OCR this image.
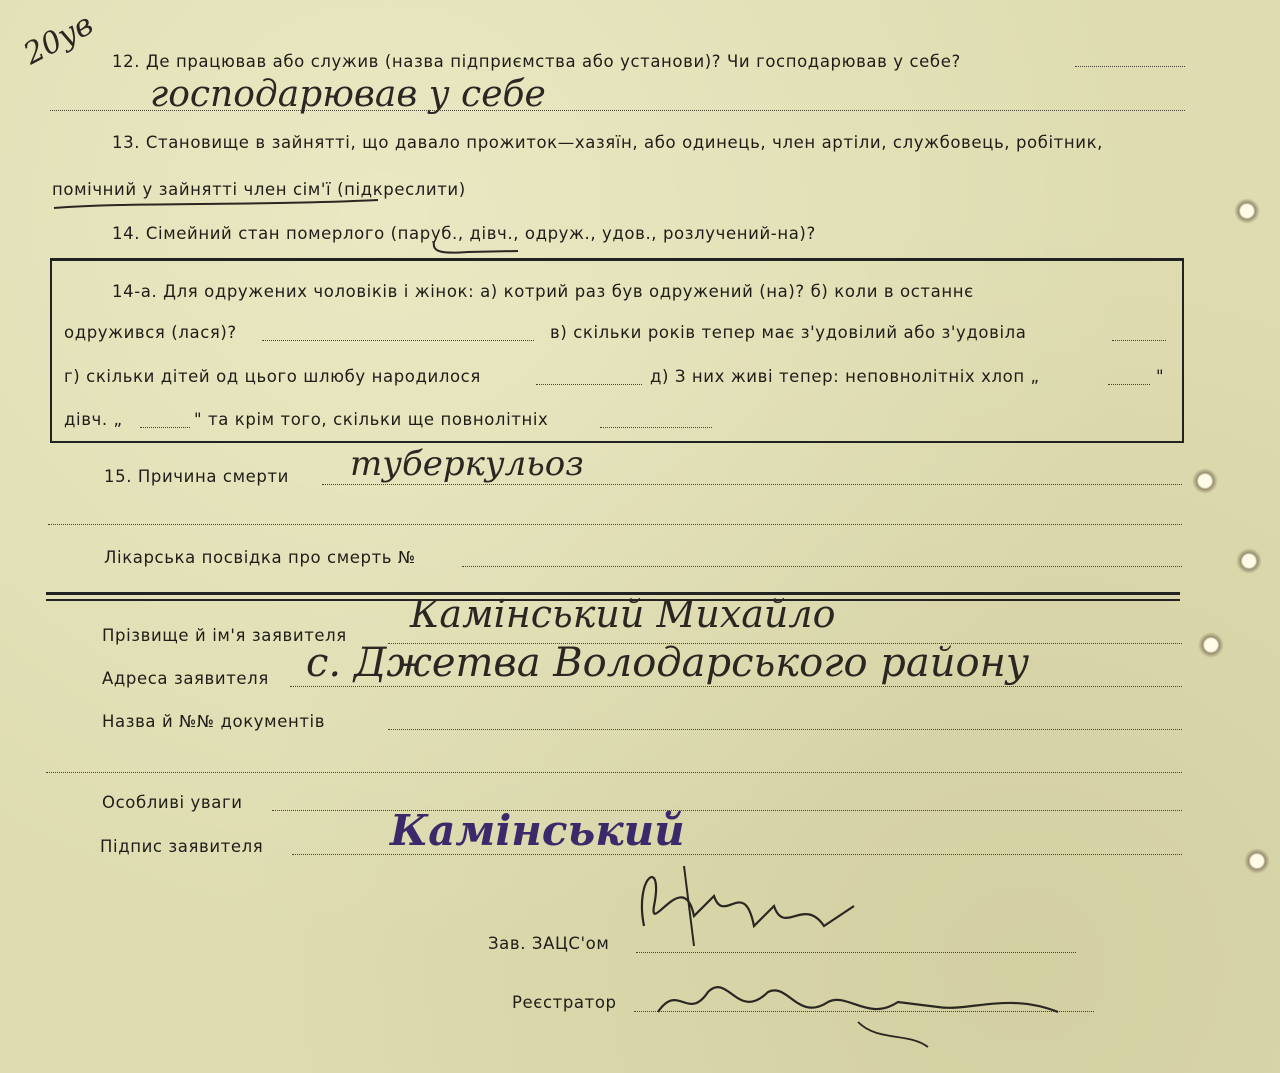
20ув 12. Де працював або служив (назва підприємства або установи)? Чи господарював у себе?
господарював у себе
13. Становище в зайнятті, що давало прожиток—хазяїн, або одинець, член артіли, службовець, робітник,
помічний у зайнятті член сім'ї (підкреслити)
14. Сімейний стан померлого (паруб., дівч., одруж., удов., розлучений-на)?
14-а. Для одружених чоловіків і жінок: а) котрий раз був одружений (на)? б) коли в останнє
одружився (лася)?	в) скільки років тепер має з'удовілий або з'удовіла
г) скільки дітей од цього шлюбу народилося	д) З них живі тепер: неповнолітніх хлоп „	"
дівч. „	" та крім того, скільки ще повнолітніх
15. Причина смерти туберкульоз
Лікарська посвідка про смерть №
Прізвище й ім'я заявителя Камінський Михайло
Адреса заявителя с. Джетва Володарського району
Назва й №№ документів
Особливі уваги
Підпис заявителя	Камінський
Зав. ЗАЦС'ом
Реєстратор
